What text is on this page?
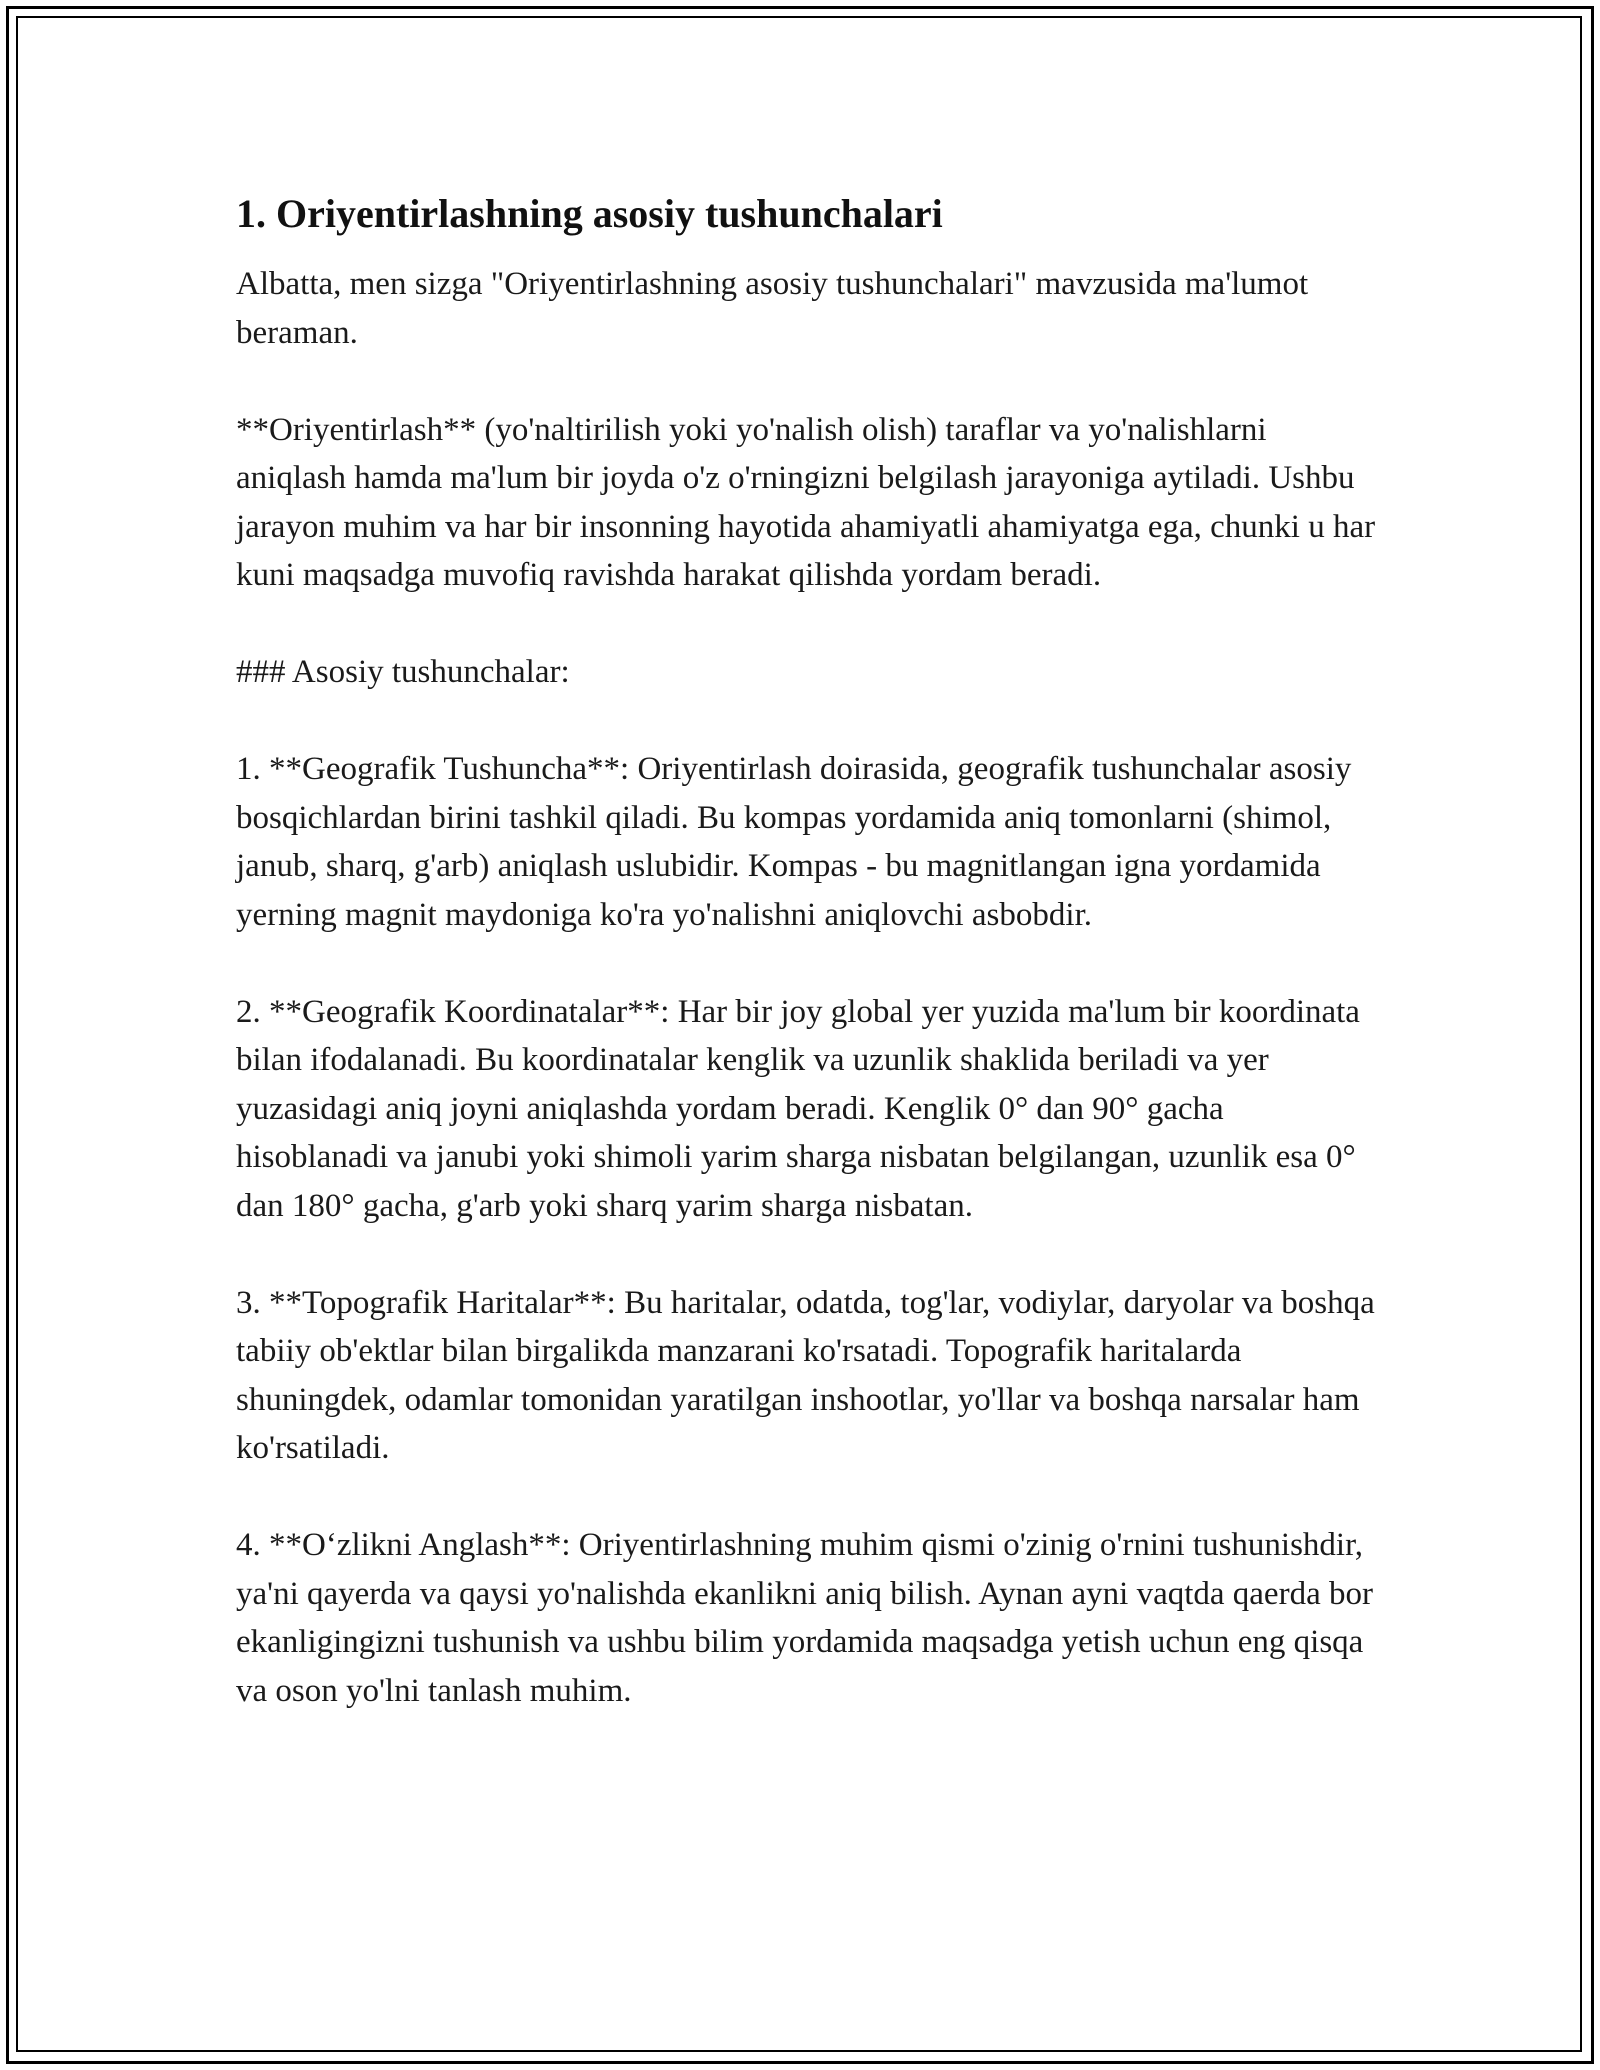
1. Oriyentirlashning asosiy tushunchalari

Albatta, men sizga "Oriyentirlashning asosiy tushunchalari" mavzusida ma'lumot beraman.

**Oriyentirlash** (yo'naltirilish yoki yo'nalish olish) taraflar va yo'nalishlarni aniqlash hamda ma'lum bir joyda o'z o'rningizni belgilash jarayoniga aytiladi. Ushbu jarayon muhim va har bir insonning hayotida ahamiyatli ahamiyatga ega, chunki u har kuni maqsadga muvofiq ravishda harakat qilishda yordam beradi.

### Asosiy tushunchalar:

1. **Geografik Tushuncha**: Oriyentirlash doirasida, geografik tushunchalar asosiy bosqichlardan birini tashkil qiladi. Bu kompas yordamida aniq tomonlarni (shimol, janub, sharq, g'arb) aniqlash uslubidir. Kompas - bu magnitlangan igna yordamida yerning magnit maydoniga ko'ra yo'nalishni aniqlovchi asbobdir.

2. **Geografik Koordinatalar**: Har bir joy global yer yuzida ma'lum bir koordinata bilan ifodalanadi. Bu koordinatalar kenglik va uzunlik shaklida beriladi va yer yuzasidagi aniq joyni aniqlashda yordam beradi. Kenglik 0° dan 90° gacha hisoblanadi va janubi yoki shimoli yarim sharga nisbatan belgilangan, uzunlik esa 0° dan 180° gacha, g'arb yoki sharq yarim sharga nisbatan.

3. **Topografik Haritalar**: Bu haritalar, odatda, tog'lar, vodiylar, daryolar va boshqa tabiiy ob'ektlar bilan birgalikda manzarani ko'rsatadi. Topografik haritalarda shuningdek, odamlar tomonidan yaratilgan inshootlar, yo'llar va boshqa narsalar ham ko'rsatiladi.

4. **O‘zlikni Anglash**: Oriyentirlashning muhim qismi o'zinig o'rnini tushunishdir, ya'ni qayerda va qaysi yo'nalishda ekanlikni aniq bilish. Aynan ayni vaqtda qaerda bor ekanligingizni tushunish va ushbu bilim yordamida maqsadga yetish uchun eng qisqa va oson yo'lni tanlash muhim.
